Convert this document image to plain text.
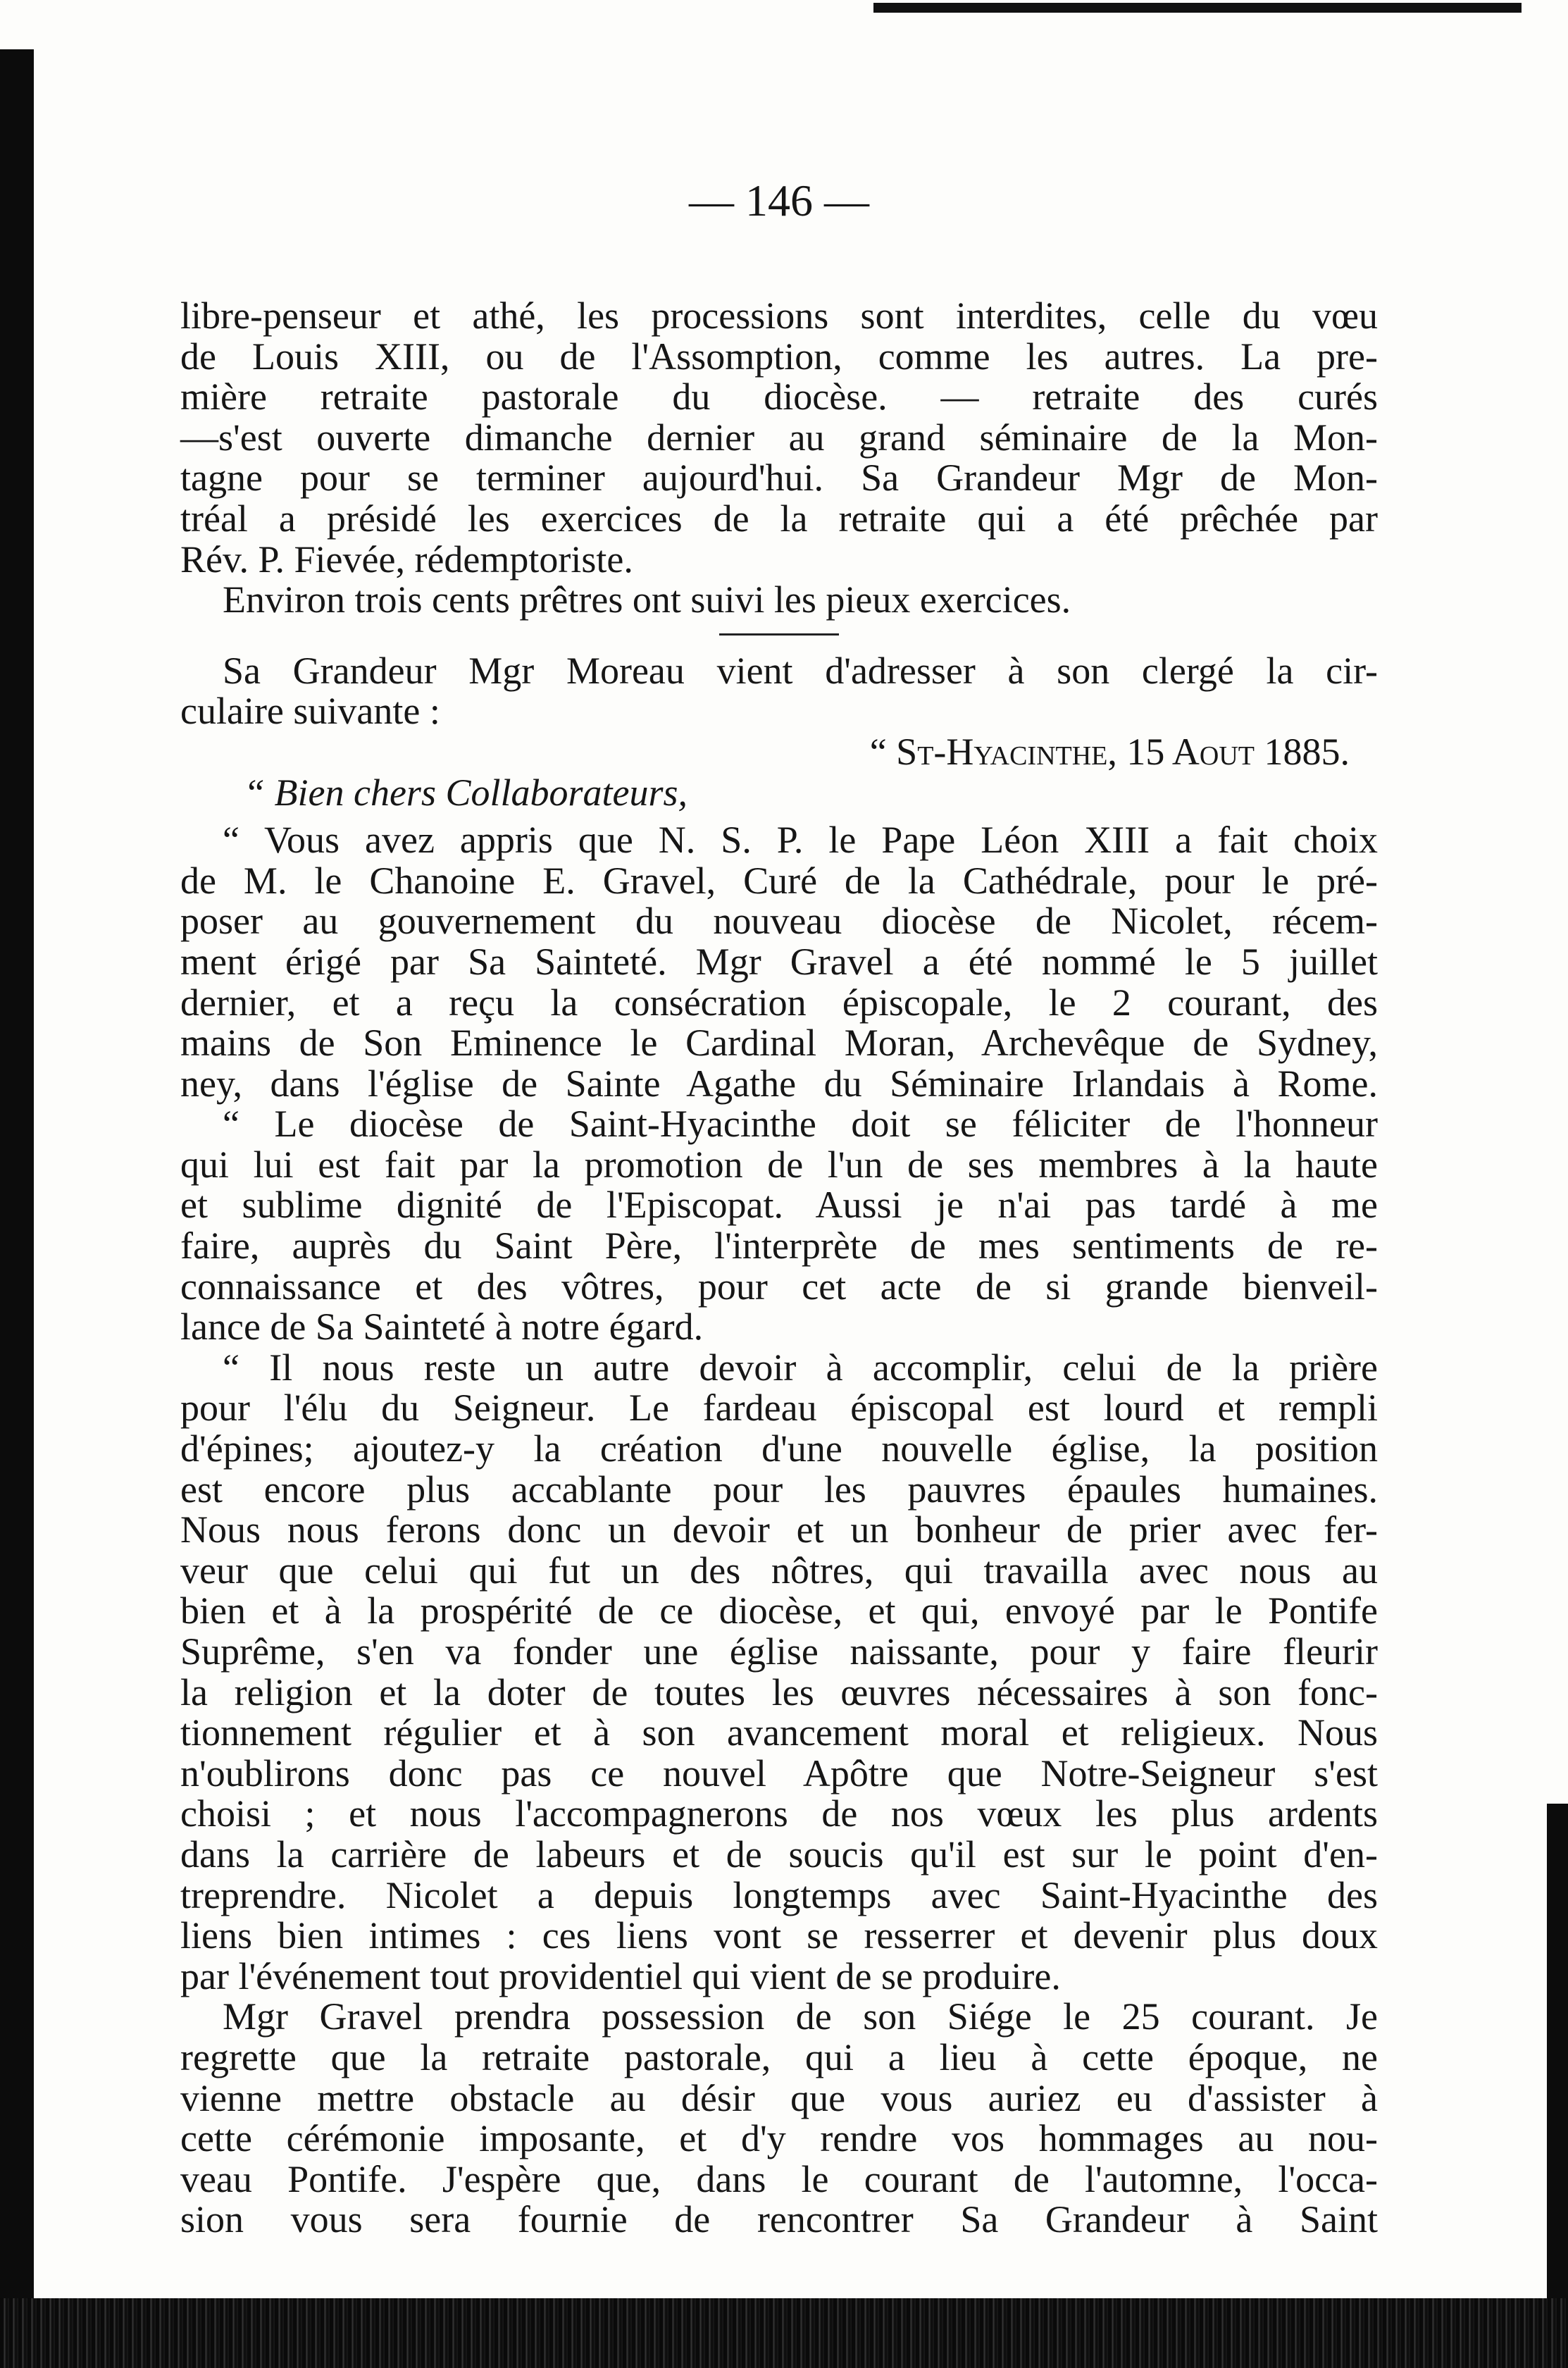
— 146 —
libre-penseur et athé, les processions sont interdites, celle du vœu
de Louis XIII, ou de l'Assomption, comme les autres. La pre-
mière retraite pastorale du diocèse. — retraite des curés
—s'est ouverte dimanche dernier au grand séminaire de la Mon-
tagne pour se terminer aujourd'hui. Sa Grandeur Mgr de Mon-
tréal a présidé les exercices de la retraite qui a été prêchée par
Rév. P. Fievée, rédemptoriste.
Environ trois cents prêtres ont suivi les pieux exercices.
Sa Grandeur Mgr Moreau vient d'adresser à son clergé la cir-
culaire suivante :
“ St-Hyacinthe, 15 Aout 1885.
“ Bien chers Collaborateurs,
“ Vous avez appris que N. S. P. le Pape Léon XIII a fait choix
de M. le Chanoine E. Gravel, Curé de la Cathédrale, pour le pré-
poser au gouvernement du nouveau diocèse de Nicolet, récem-
ment érigé par Sa Sainteté. Mgr Gravel a été nommé le 5 juillet
dernier, et a reçu la consécration épiscopale, le 2 courant, des
mains de Son Eminence le Cardinal Moran, Archevêque de Sydney,
ney, dans l'église de Sainte Agathe du Séminaire Irlandais à Rome.
“ Le diocèse de Saint-Hyacinthe doit se féliciter de l'honneur
qui lui est fait par la promotion de l'un de ses membres à la haute
et sublime dignité de l'Episcopat. Aussi je n'ai pas tardé à me
faire, auprès du Saint Père, l'interprète de mes sentiments de re-
connaissance et des vôtres, pour cet acte de si grande bienveil-
lance de Sa Sainteté à notre égard.
“ Il nous reste un autre devoir à accomplir, celui de la prière
pour l'élu du Seigneur. Le fardeau épiscopal est lourd et rempli
d'épines; ajoutez-y la création d'une nouvelle église, la position
est encore plus accablante pour les pauvres épaules humaines.
Nous nous ferons donc un devoir et un bonheur de prier avec fer-
veur que celui qui fut un des nôtres, qui travailla avec nous au
bien et à la prospérité de ce diocèse, et qui, envoyé par le Pontife
Suprême, s'en va fonder une église naissante, pour y faire fleurir
la religion et la doter de toutes les œuvres nécessaires à son fonc-
tionnement régulier et à son avancement moral et religieux. Nous
n'oublirons donc pas ce nouvel Apôtre que Notre-Seigneur s'est
choisi ; et nous l'accompagnerons de nos vœux les plus ardents
dans la carrière de labeurs et de soucis qu'il est sur le point d'en-
treprendre. Nicolet a depuis longtemps avec Saint-Hyacinthe des
liens bien intimes : ces liens vont se resserrer et devenir plus doux
par l'événement tout providentiel qui vient de se produire.
Mgr Gravel prendra possession de son Siége le 25 courant. Je
regrette que la retraite pastorale, qui a lieu à cette époque, ne
vienne mettre obstacle au désir que vous auriez eu d'assister à
cette cérémonie imposante, et d'y rendre vos hommages au nou-
veau Pontife. J'espère que, dans le courant de l'automne, l'occa-
sion vous sera fournie de rencontrer Sa Grandeur à Saint
